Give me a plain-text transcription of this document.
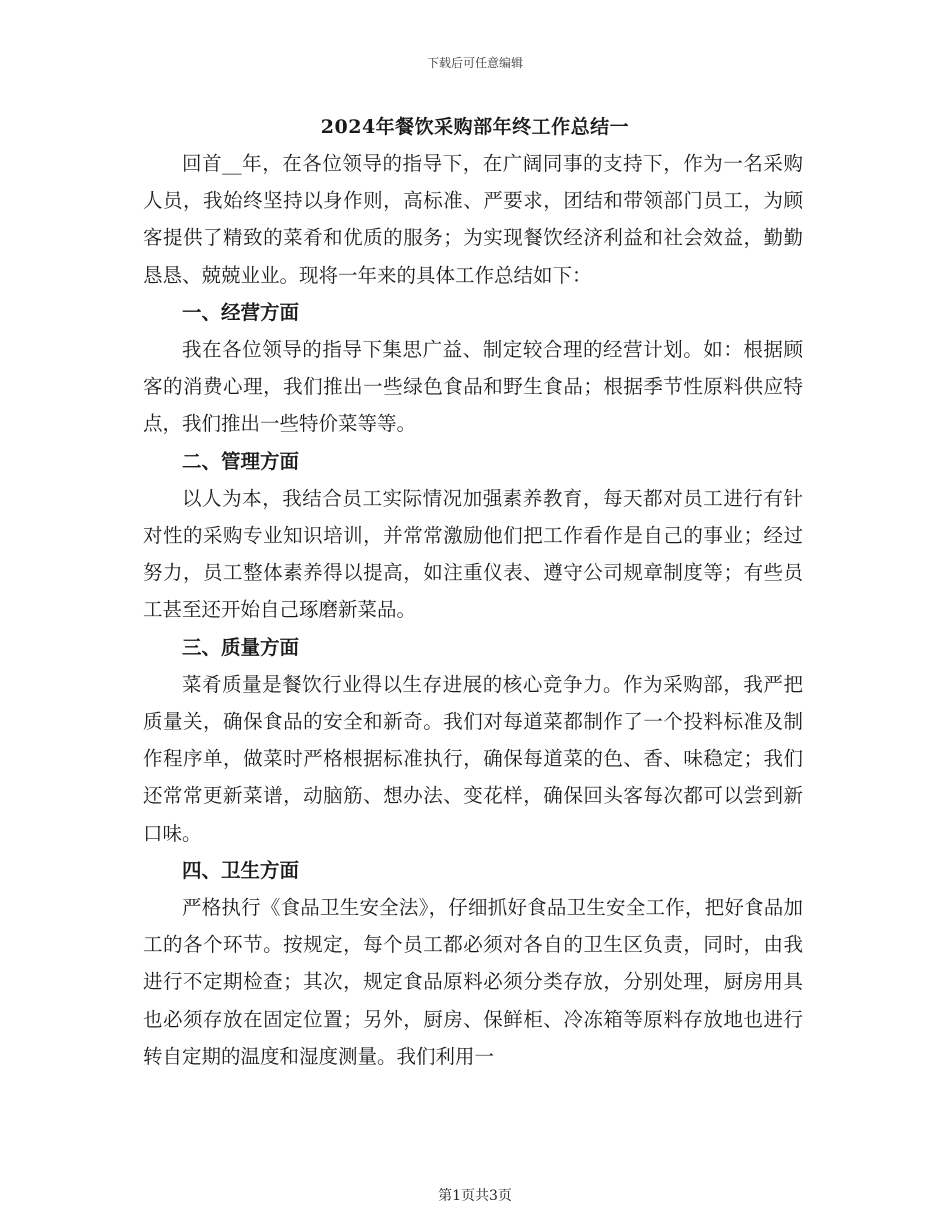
下载后可任意编辑
2024年餐饮采购部年终工作总结一

回首__年，在各位领导的指导下，在广阔同事的支持下，作为一名采购人员，我始终坚持以身作则，高标准、严要求，团结和带领部门员工，为顾客提供了精致的菜肴和优质的服务；为实现餐饮经济利益和社会效益，勤勤恳恳、兢兢业业。现将一年来的具体工作总结如下：

一、经营方面

我在各位领导的指导下集思广益、制定较合理的经营计划。如：根据顾客的消费心理，我们推出一些绿色食品和野生食品；根据季节性原料供应特点，我们推出一些特价菜等等。

二、管理方面

以人为本，我结合员工实际情况加强素养教育，每天都对员工进行有针对性的采购专业知识培训，并常常激励他们把工作看作是自己的事业；经过努力，员工整体素养得以提高，如注重仪表、遵守公司规章制度等；有些员工甚至还开始自己琢磨新菜品。

三、质量方面

菜肴质量是餐饮行业得以生存进展的核心竞争力。作为采购部，我严把质量关，确保食品的安全和新奇。我们对每道菜都制作了一个投料标准及制作程序单，做菜时严格根据标准执行，确保每道菜的色、香、味稳定；我们还常常更新菜谱，动脑筋、想办法、变花样，确保回头客每次都可以尝到新口味。

四、卫生方面

严格执行《食品卫生安全法》，仔细抓好食品卫生安全工作，把好食品加工的各个环节。按规定，每个员工都必须对各自的卫生区负责，同时，由我进行不定期检查；其次，规定食品原料必须分类存放，分别处理，厨房用具也必须存放在固定位置；另外，厨房、保鲜柜、冷冻箱等原料存放地也进行转自定期的温度和湿度测量。我们利用一

第1页共3页
